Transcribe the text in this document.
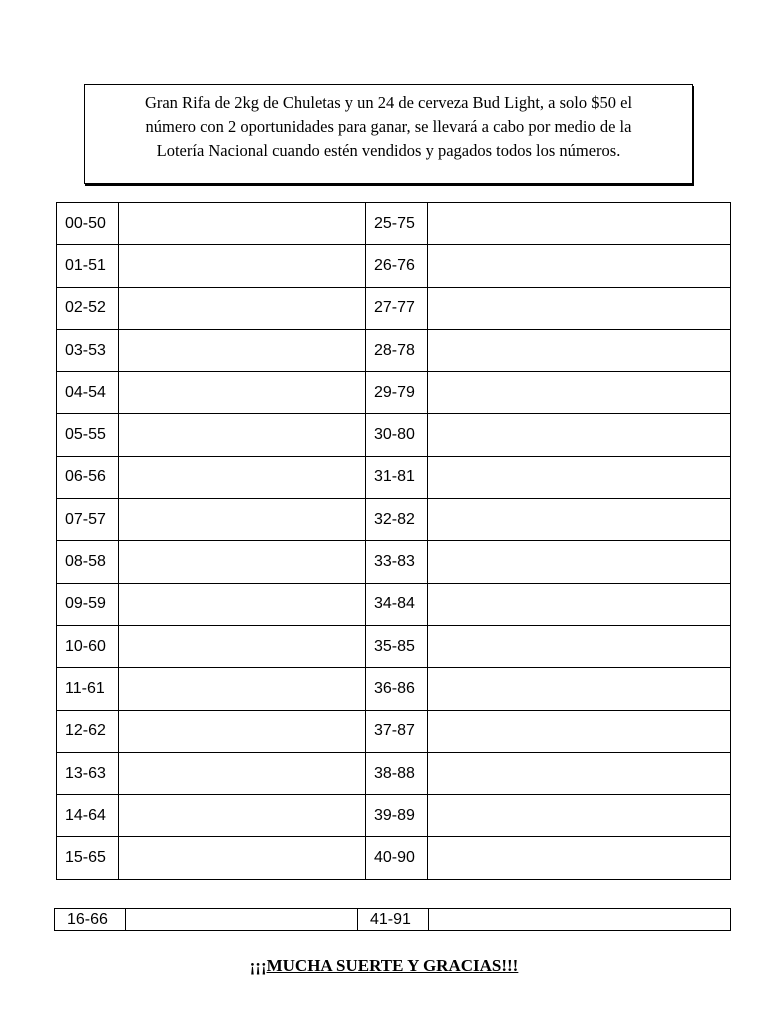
Gran Rifa de 2kg de Chuletas y un 24 de cerveza Bud Light, a solo $50 el
número con 2 oportunidades para ganar, se llevará a cabo por medio de la
Lotería Nacional cuando estén vendidos y pagados todos los números.
00-50		25-75	
01-51		26-76	
02-52		27-77	
03-53		28-78	
04-54		29-79	
05-55		30-80	
06-56		31-81	
07-57		32-82	
08-58		33-83	
09-59		34-84	
10-60		35-85	
11-61		36-86	
12-62		37-87	
13-63		38-88	
14-64		39-89	
15-65		40-90	
16-66		41-91	
¡¡¡MUCHA SUERTE Y GRACIAS!!!
